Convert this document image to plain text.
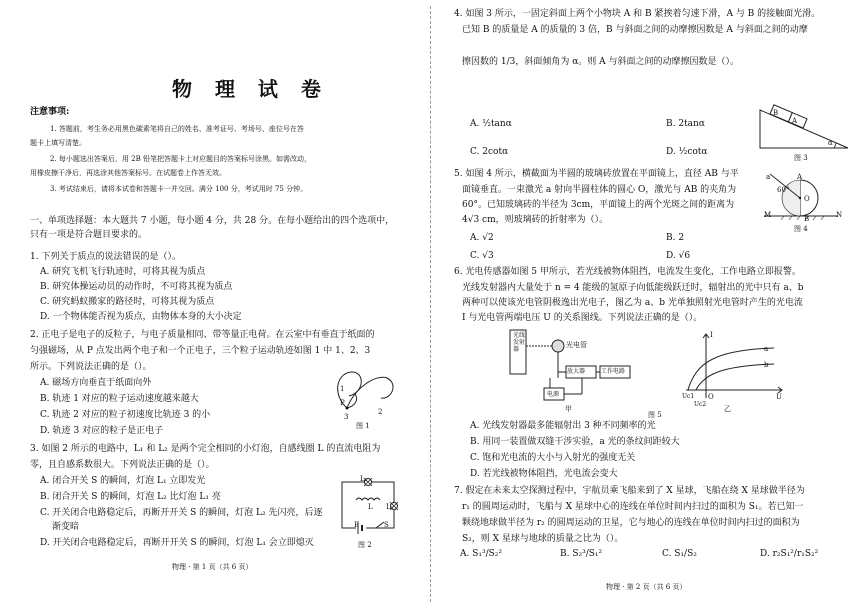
物 理 试 卷
注意事项:
1. 答题前，考生务必用黑色碳素笔将自己的姓名、准考证号、考场号、座位号在答
题卡上填写清楚。
2. 每小题选出答案后，用 2B 铅笔把答题卡上对应题目的答案标号涂黑。如需改动，
用橡皮擦干净后，再选涂其他答案标号。在试题卷上作答无效。
3. 考试结束后，请将本试卷和答题卡一并交回。满分 100 分，考试用时 75 分钟。
一、单项选择题：本大题共 7 小题，每小题 4 分，共 28 分。在每小题给出的四个选项中，
只有一项是符合题目要求的。
1. 下列关于质点的说法错误的是（）。
A. 研究飞机飞行轨迹时，可将其视为质点
B. 研究体操运动员的动作时，不可将其视为质点
C. 研究蚂蚁搬家的路径时，可将其视为质点
D. 一个物体能否视为质点，由物体本身的大小决定
2. 正电子是电子的反粒子，与电子质量相同、带等量正电荷。在云室中有垂直于纸面的
匀强磁场，从 P 点发出两个电子和一个正电子，三个粒子运动轨迹如图 1 中 1、2、3
所示。下列说法正确的是（）。
A. 磁场方向垂直于纸面向外
B. 轨迹 1 对应的粒子运动速度越来越大
C. 轨迹 2 对应的粒子初速度比轨迹 3 的小
D. 轨迹 3 对应的粒子是正电子
1
2
3
P
图 1
3. 如图 2 所示的电路中，L₁ 和 L₂ 是两个完全相同的小灯泡，自感线圈 L 的直流电阻为
零，且自感系数很大。下列说法正确的是（）。
A. 闭合开关 S 的瞬间，灯泡 L₁ 立即发光
B. 闭合开关 S 的瞬间，灯泡 L₂ 比灯泡 L₁ 亮
C. 开关闭合电路稳定后，再断开开关 S 的瞬间，灯泡 L₂ 先闪亮，后逐
渐变暗
D. 开关闭合电路稳定后，再断开开关 S 的瞬间，灯泡 L₁ 会立即熄灭
L₁
L L₂
E	S
图 2
物理 · 第 1 页（共 6 页）
4. 如图 3 所示，一固定斜面上两个小物块 A 和 B 紧挨着匀速下滑，A 与 B 的接触面光滑。
已知 B 的质量是 A 的质量的 3 倍，B 与斜面之间的动摩擦因数是 A 与斜面之间的动摩
擦因数的 1/3，斜面倾角为 α。则 A 与斜面之间的动摩擦因数是（）。
A. ½tanα	B. 2tanα
C. 2cotα	D. ½cotα
B
A
α
图 3
5. 如图 4 所示，横截面为半圆的玻璃砖放置在平面镜上，直径 AB 与平
面镜垂直。一束激光 a 射向半圆柱体的圆心 O，激光与 AB 的夹角为
60°。已知玻璃砖的半径为 3cm，平面镜上的两个光斑之间的距离为
4√3 cm，则玻璃砖的折射率为（）。
A. √2	B. 2
C. √3	D. √6
a	A
60°
O
B
M	N
图 4
6. 光电传感器如图 5 甲所示，若光线被物体阻挡，电流发生变化，工作电路立即报警。
光线发射器内大量处于 n = 4 能级的氢原子向低能级跃迁时，辐射出的光中只有 a、b
两种可以使该光电管阴极逸出光电子，图乙为 a、b 光单独照射光电管时产生的光电流
I 与光电管两端电压 U 的关系图线。下列说法正确的是（）。
光线发射器
光电管
放大器	工作电路
电源
甲
I
U
a
b
O
Uc1
Uc2
乙
图 5
A. 光线发射器最多能辐射出 3 种不同频率的光
B. 用同一装置做双缝干涉实验，a 光的条纹间距较大
C. 饱和光电流的大小与入射光的强度无关
D. 若光线被物体阻挡，光电流会变大
7. 假定在未来太空探测过程中，宇航员乘飞船来到了 X 星球，飞船在绕 X 星球做半径为
r₁ 的圆周运动时，飞船与 X 星球中心的连线在单位时间内扫过的面积为 S₁。若已知一
颗绕地球做半径为 r₂ 的圆周运动的卫星，它与地心的连线在单位时间内扫过的面积为
S₂，则 X 星球与地球的质量之比为（）。
A. S₁³/S₂²	B. S₂³/S₁²	C. S₁/S₂	D. r₂S₁²/r₁S₂²
物理 · 第 2 页（共 6 页）
